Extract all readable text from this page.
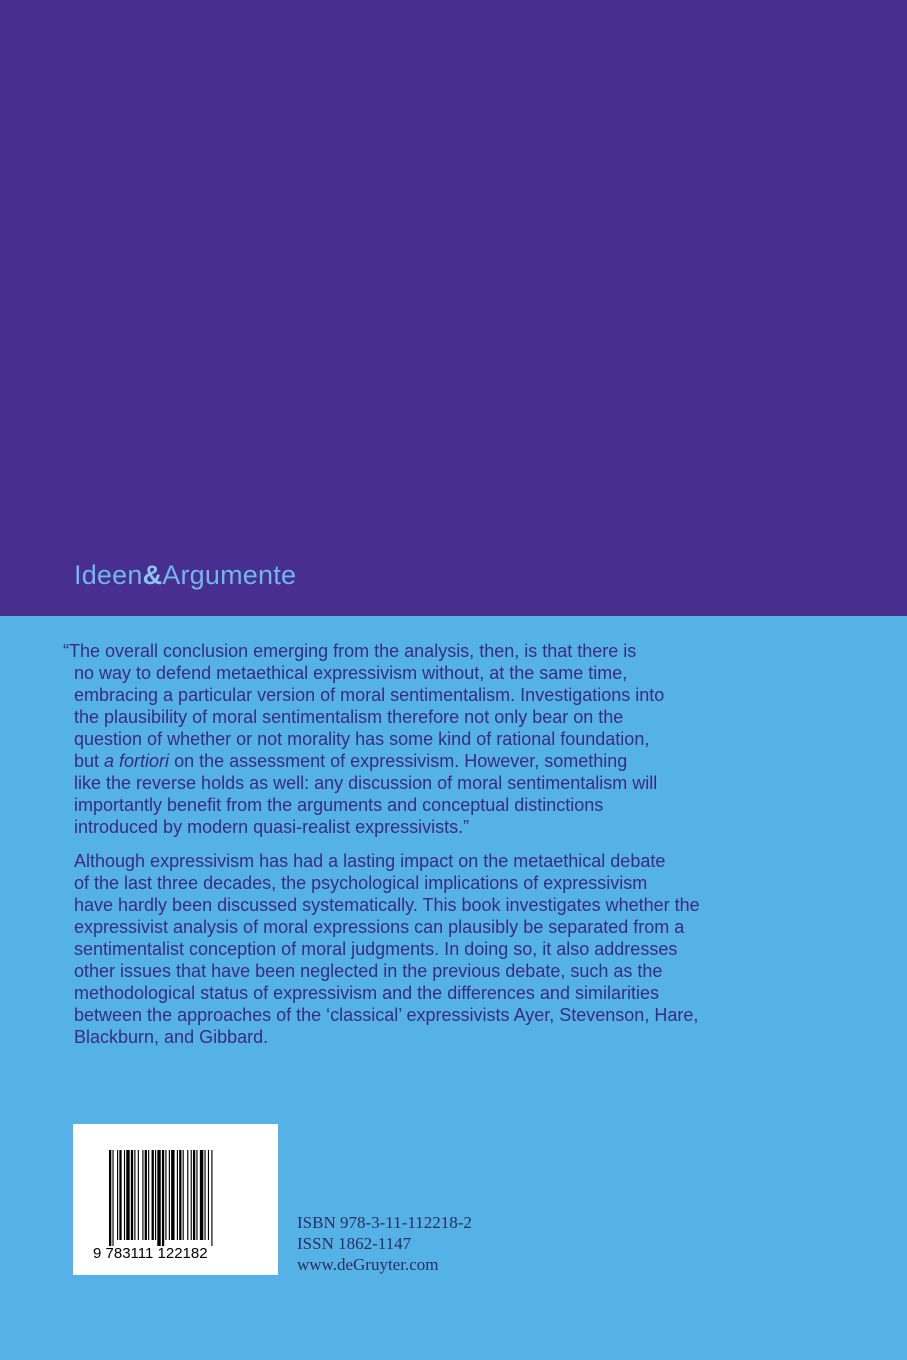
Ideen&Argumente
“The overall conclusion emerging from the analysis, then, is that there is
no way to defend metaethical expressivism without, at the same time,
embracing a particular version of moral sentimentalism. Investigations into
the plausibility of moral sentimentalism therefore not only bear on the
question of whether or not morality has some kind of rational foundation,
but a fortiori on the assessment of expressivism. However, something
like the reverse holds as well: any discussion of moral sentimentalism will
importantly benefit from the arguments and conceptual distinctions
introduced by modern quasi-realist expressivists.”
Although expressivism has had a lasting impact on the metaethical debate
of the last three decades, the psychological implications of expressivism
have hardly been discussed systematically. This book investigates whether the
expressivist analysis of moral expressions can plausibly be separated from a
sentimentalist conception of moral judgments. In doing so, it also addresses
other issues that have been neglected in the previous debate, such as the
methodological status of expressivism and the differences and similarities
between the approaches of the ‘classical’ expressivists Ayer, Stevenson, Hare,
Blackburn, and Gibbard.
9 783111 122182
ISBN 978-3-11-112218-2
ISSN 1862-1147
www.deGruyter.com
